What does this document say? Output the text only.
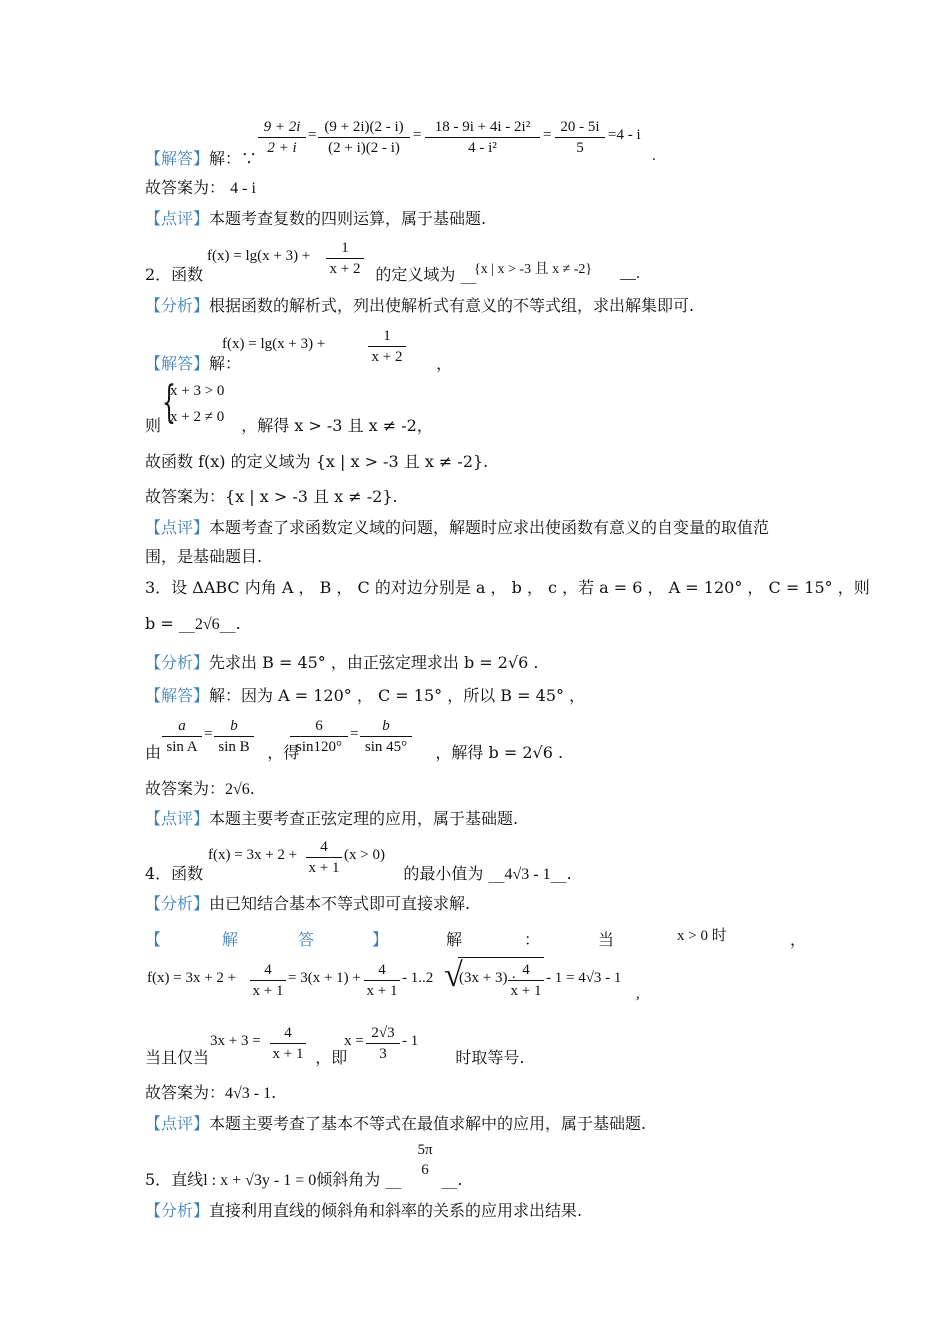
9 + 2i
2 + i
= (9 + 2i)(2 - i)
(2 + i)(2 - i)
= 18 - 9i + 4i - 2i²
4 - i²
= 20 - 5i
5
=4 - i
.
【解答】解：∵
故答案为： 4 - i
【点评】本题考查复数的四则运算，属于基础题.
f(x) = lg(x + 3) +	1
x + 2
2．函数	的定义域为 __
{x | x > -3 且 x ≠ -2} __.
【分析】根据函数的解析式，列出使解析式有意义的不等式组，求出解集即可.
f(x) = lg(x + 3) +	1
x + 2
【解答】解：	，
{
x + 3 > 0
x + 2 ≠ 0
则	，解得 x > -3 且 x ≠ -2，
故函数 f(x) 的定义域为 {x | x > -3 且 x ≠ -2}.
故答案为：{x | x > -3 且 x ≠ -2}.
【点评】本题考查了求函数定义域的问题，解题时应求出使函数有意义的自变量的取值范
围，是基础题目.
3．设 ΔABC 内角 A ， B ， C 的对边分别是 a ， b ， c ，若 a = 6 ， A = 120° ， C = 15° ，则
b = __2√6__.
【分析】先求出 B = 45° ，由正弦定理求出 b = 2√6 .
【解答】解：因为 A = 120° ， C = 15° ，所以 B = 45° ，
a
sin A
=	b
sin B
6
sin120°
=	b
sin 45°
由	，得	，解得 b = 2√6 .
故答案为：2√6.
【点评】本题主要考查正弦定理的应用，属于基础题.
f(x) = 3x + 2 +	4
x + 1
(x > 0)
4．函数	的最小值为 __4√3 - 1__.
【分析】由已知结合基本不等式即可直接求解.
【	解	答	】	解	：	当	x > 0 时	，
f(x) = 3x + 2 +	4
x + 1
= 3(x + 1) +	4
x + 1
- 1..2 √
(3x + 3) · 4
x + 1
- 1 = 4√3 - 1
,
3x + 3 =	4
x + 1
x = 2√3
3
- 1
当且仅当	，即	时取等号.
故答案为：4√3 - 1.
【点评】本题主要考查了基本不等式在最值求解中的应用，属于基础题.
5π
6
5．直线l : x + √3y - 1 = 0倾斜角为 __	__.
【分析】直接利用直线的倾斜角和斜率的关系的应用求出结果.
